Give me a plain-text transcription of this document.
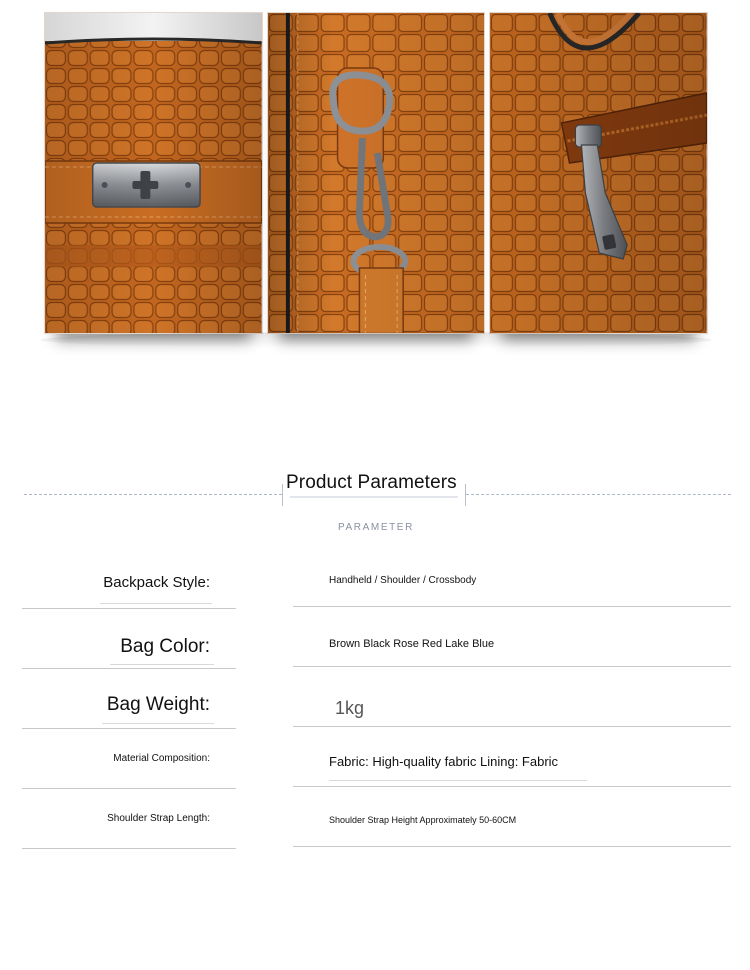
Product Parameters
PARAMETER
Backpack Style:	Handheld / Shoulder / Crossbody
Bag Color:	Brown Black Rose Red Lake Blue
Bag Weight:	1kg
Material Composition:	Fabric: High-quality fabric Lining: Fabric
Shoulder Strap Length:	Shoulder Strap Height Approximately 50-60CM
